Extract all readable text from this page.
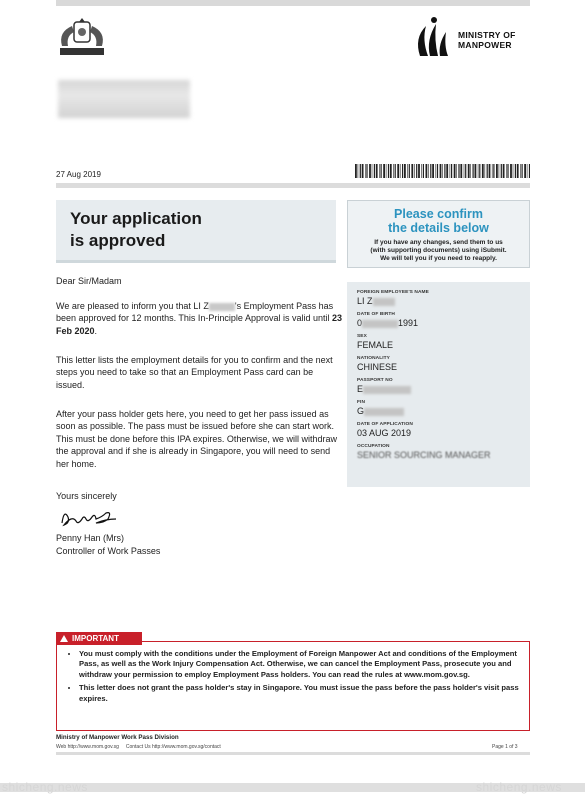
MINISTRY OF
MANPOWER
27 Aug 2019
Your application
is approved
Please confirm
the details below
If you have any changes, send them to us
(with supporting documents) using iSubmit.
We will tell you if you need to reapply.
Dear Sir/Madam
We are pleased to inform you that LI Z	's Employment Pass has been approved for 12 months. This In-Principle Approval is valid until 23 Feb 2020.
This letter lists the employment details for you to confirm and the next steps you need to take so that an Employment Pass card can be issued.
After your pass holder gets here, you need to get her pass issued as soon as possible. The pass must be issued before she can start work. This must be done before this IPA expires. Otherwise, we will withdraw the approval and if she is already in Singapore, you will need to send her home.
Yours sincerely
Penny Han (Mrs)
Controller of Work Passes
FOREIGN EMPLOYEE'S NAME
LI Z
DATE OF BIRTH
0	1991
SEX
FEMALE
NATIONALITY
CHINESE
PASSPORT NO
E
FIN
G
DATE OF APPLICATION
03 AUG 2019
OCCUPATION
SENIOR SOURCING MANAGER
• You must comply with the conditions under the Employment of Foreign Manpower Act and conditions of the Employment Pass, as well as the Work Injury Compensation Act. Otherwise, we can cancel the Employment Pass, prosecute you and withdraw your permission to employ Employment Pass holders. You can read the rules at www.mom.gov.sg.
• This letter does not grant the pass holder's stay in Singapore. You must issue the pass before the pass holder's visit pass expires.
IMPORTANT
Ministry of Manpower Work Pass Division
Web http://www.mom.gov.sg Contact Us http://www.mom.gov.sg/contact	Page 1 of 3
shicheng.news	shicheng.news
